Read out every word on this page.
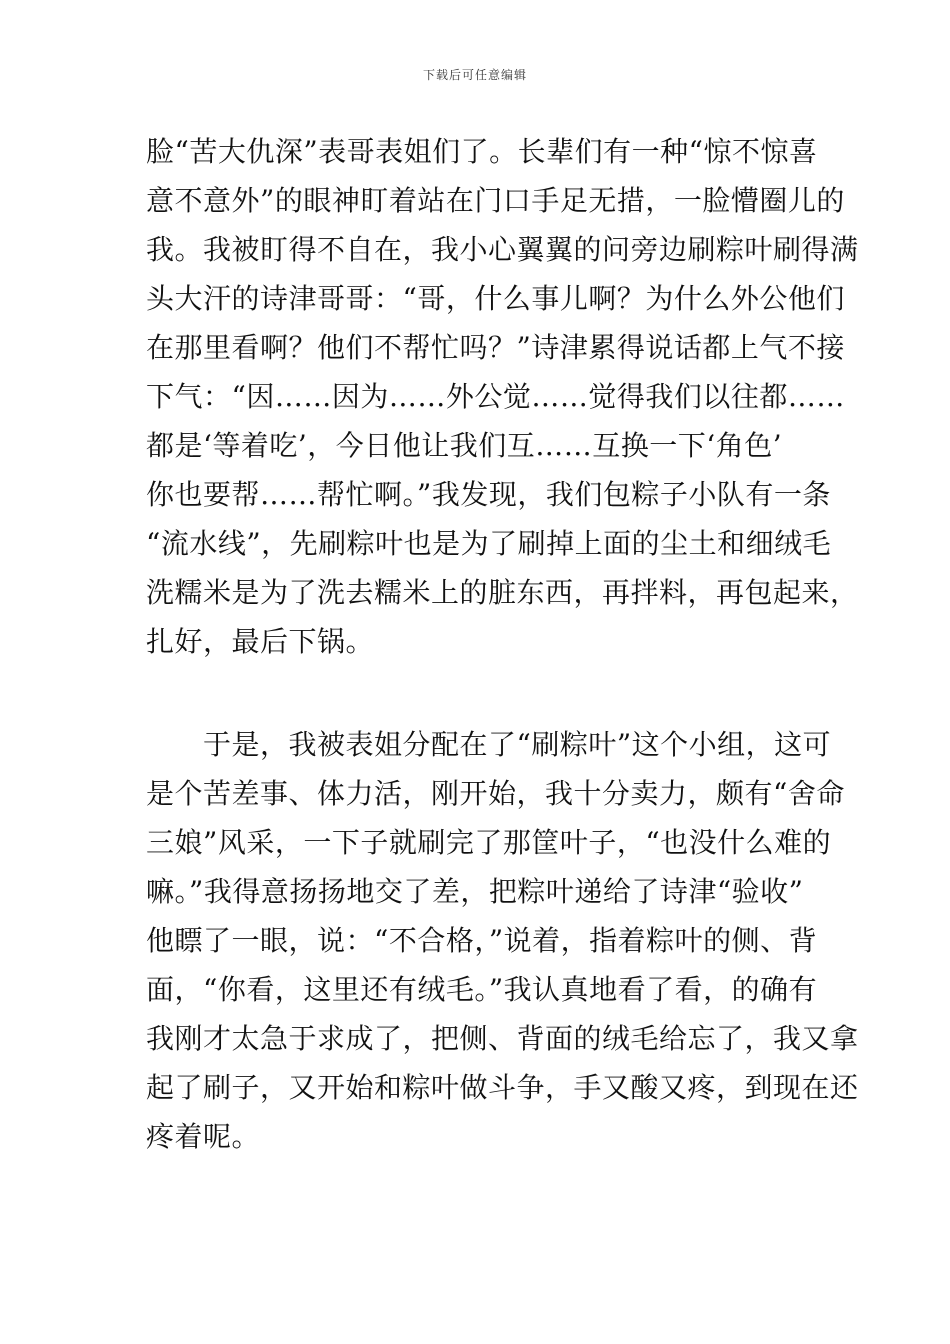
下载后可任意编辑
脸“苦大仇深”表哥表姐们了。长辈们有一种“惊不惊喜
意不意外”的眼神盯着站在门口手足无措，一脸懵圈儿的
我。我被盯得不自在，我小心翼翼的问旁边刷粽叶刷得满
头大汗的诗津哥哥：“哥，什么事儿啊？为什么外公他们
在那里看啊？他们不帮忙吗？”诗津累得说话都上气不接
下气：“因……因为……外公觉……觉得我们以往都……
都是‘等着吃’，今日他让我们互……互换一下‘角色’
你也要帮……帮忙啊。”我发现，我们包粽子小队有一条
“流水线”，先刷粽叶也是为了刷掉上面的尘土和细绒毛
洗糯米是为了洗去糯米上的脏东西，再拌料，再包起来，
扎好，最后下锅。
　　于是，我被表姐分配在了“刷粽叶”这个小组，这可
是个苦差事、体力活，刚开始，我十分卖力，颇有“舍命
三娘”风采，一下子就刷完了那筐叶子，“也没什么难的
嘛。”我得意扬扬地交了差，把粽叶递给了诗津“验收”
他瞟了一眼，说：“不合格，”说着，指着粽叶的侧、背
面，“你看，这里还有绒毛。”我认真地看了看，的确有
我刚才太急于求成了，把侧、背面的绒毛给忘了，我又拿
起了刷子，又开始和粽叶做斗争，手又酸又疼，到现在还
疼着呢。
